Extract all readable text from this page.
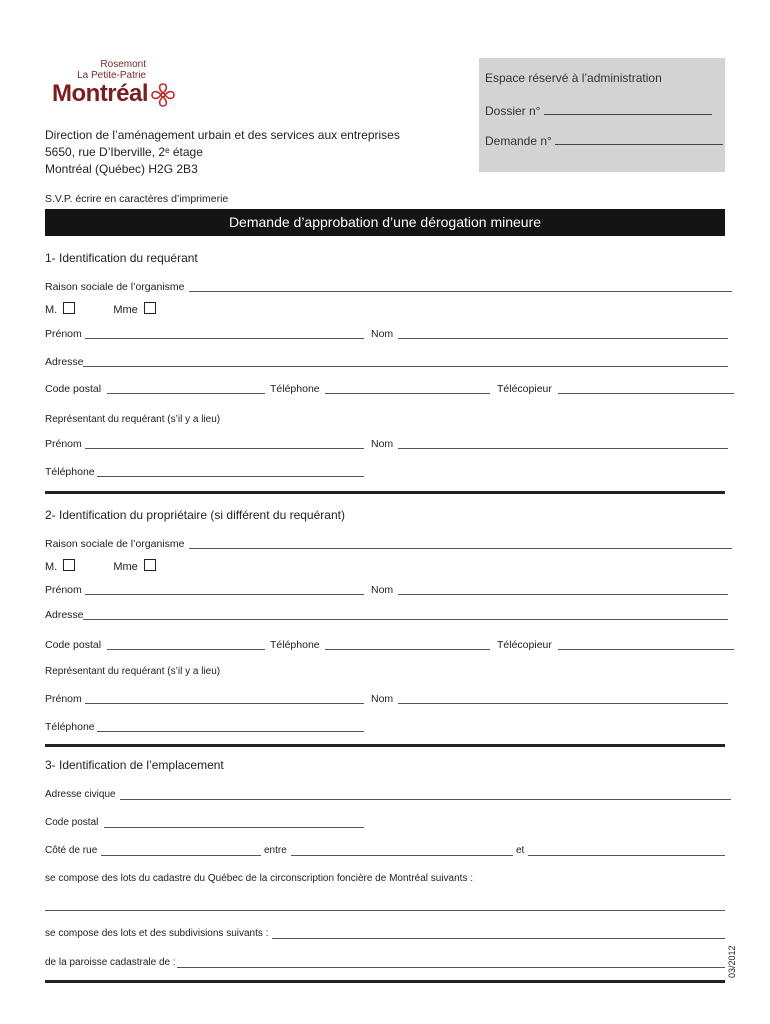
Rosemont
La Petite-Patrie
Montréal
Direction de l’aménagement urbain et des services aux entreprises
5650, rue D’Iberville, 2ᵉ étage
Montréal (Québec) H2G 2B3
Espace réservé à l’administration
Dossier n°
Demande n°
S.V.P. écrire en caractères d’imprimerie
Demande d’approbation d’une dérogation mineure
1- Identification du requérant
Raison sociale de l’organisme
M.	Mme
Prénom	Nom
Adresse
Code postal	Téléphone	Télécopieur
Représentant du requérant (s’il y a lieu)
Prénom	Nom
Téléphone
2- Identification du propriétaire (si différent du requérant)
Raison sociale de l’organisme
M.	Mme
Prénom	Nom
Adresse
Code postal	Téléphone	Télécopieur
Représentant du requérant (s’il y a lieu)
Prénom	Nom
Téléphone
3- Identification de l’emplacement
Adresse civique
Code postal
Côté de rue	entre	et
se compose des lots du cadastre du Québec de la circonscription foncière de Montréal suivants :
se compose des lots et des subdivisions suivants :
de la paroisse cadastrale de :	03/2012
